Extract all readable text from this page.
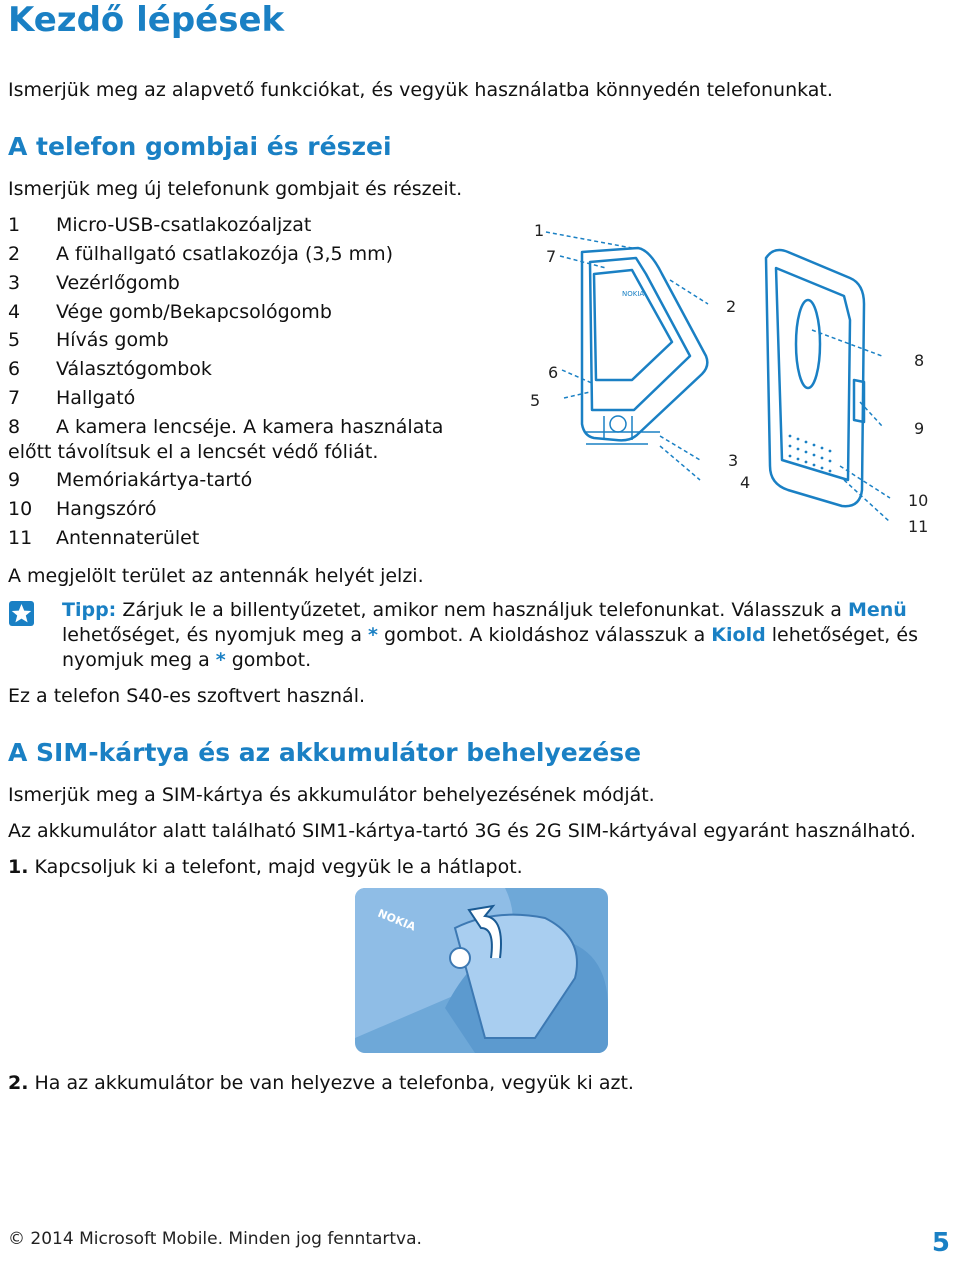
Kezdő lépések
Ismerjük meg az alapvető funkciókat, és vegyük használatba könnyedén telefonunkat.
A telefon gombjai és részei
Ismerjük meg új telefonunk gombjait és részeit.
1 Micro-USB-csatlakozóaljzat
2 A fülhallgató csatlakozója (3,5 mm)
3 Vezérlőgomb
4 Vége gomb/Bekapcsológomb
5 Hívás gomb
6 Választógombok
7 Hallgató
8 A kamera lencséje. A kamera használata
előtt távolítsuk el a lencsét védő fóliát.
9 Memóriakártya-tartó
10 Hangszóró
11 Antennaterület
A megjelölt terület az antennák helyét jelzi.
Tipp: Zárjuk le a billentyűzetet, amikor nem használjuk telefonunkat. Válasszuk a Menü lehetőséget, és nyomjuk meg a * gombot. A kioldáshoz válasszuk a Kiold lehetőséget, és nyomjuk meg a * gombot.
Ez a telefon S40-es szoftvert használ.
1
7
2
6
5
3
4
8
9
10
11
NOKIA
A SIM-kártya és az akkumulátor behelyezése
Ismerjük meg a SIM-kártya és akkumulátor behelyezésének módját.
Az akkumulátor alatt található SIM1-kártya-tartó 3G és 2G SIM-kártyával egyaránt használható.
1. Kapcsoljuk ki a telefont, majd vegyük le a hátlapot.
NOKIA
2. Ha az akkumulátor be van helyezve a telefonba, vegyük ki azt.
© 2014 Microsoft Mobile. Minden jog fenntartva.	5
